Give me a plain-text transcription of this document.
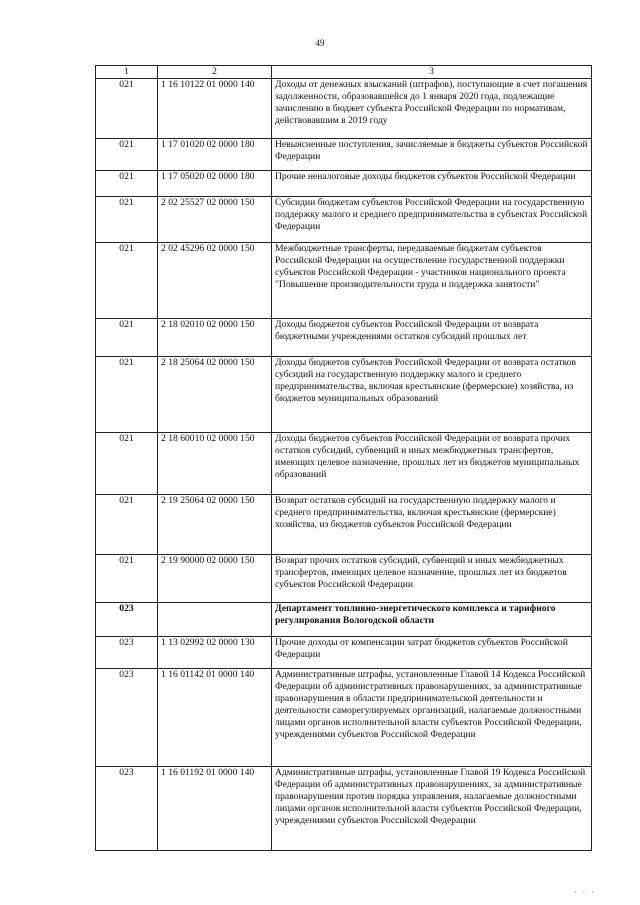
49
1	2	3
021	1 16 10122 01 0000 140	Доходы от денежных взысканий (штрафов), поступающие в счет погашения задолженности, образовавшейся до 1 января 2020 года, подлежащие зачислению в бюджет субъекта Российской Федерации по нормативам, действовавшим в 2019 году
021	1 17 01020 02 0000 180	Невыясненные поступления, зачисляемые в бюджеты субъектов Российской Федерации
021	1 17 05020 02 0000 180	Прочие неналоговые доходы бюджетов субъектов Российской Федерации
021	2 02 25527 02 0000 150	Субсидии бюджетам субъектов Российской Федерации на государственную поддержку малого и среднего предпринимательства в субъектах Российской Федерации
021	2 02 45296 02 0000 150	Межбюджетные трансферты, передаваемые бюджетам субъектов Российской Федерации на осуществление государственной поддержки субъектов Российской Федерации - участников национального проекта "Повышение производительности труда и поддержка занятости"
021	2 18 02010 02 0000 150	Доходы бюджетов субъектов Российской Федерации от возврата бюджетными учреждениями остатков субсидий прошлых лет
021	2 18 25064 02 0000 150	Доходы бюджетов субъектов Российской Федерации от возврата остатков субсидий на государственную поддержку малого и среднего предпринимательства, включая крестьянские (фермерские) хозяйства, из бюджетов муниципальных образований
021	2 18 60010 02 0000 150	Доходы бюджетов субъектов Российской Федерации от возврата прочих остатков субсидий, субвенций и иных межбюджетных трансфертов, имеющих целевое назначение, прошлых лет из бюджетов муниципальных образований
021	2 19 25064 02 0000 150	Возврат остатков субсидий на государственную поддержку малого и среднего предпринимательства, включая крестьянские (фермерские) хозяйства, из бюджетов субъектов Российской Федерации
021	2 19 90000 02 0000 150	Возврат прочих остатков субсидий, субвенций и иных межбюджетных трансфертов, имеющих целевое назначение, прошлых лет из бюджетов субъектов Российской Федерации
023		Департамент топливно-энергетического комплекса и тарифного регулирования Вологодской области
023	1 13 02992 02 0000 130	Прочие доходы от компенсации затрат бюджетов субъектов Российской Федерации
023	1 16 01142 01 0000 140	Административные штрафы, установленные Главой 14 Кодекса Российской Федерации об административных правонарушениях, за административные правонарушения в области предпринимательской деятельности и деятельности саморегулируемых организаций, налагаемые должностными лицами органов исполнительной власти субъектов Российской Федерации, учреждениями субъектов Российской Федерации
023	1 16 01192 01 0000 140	Административные штрафы, установленные Главой 19 Кодекса Российской Федерации об административных правонарушениях, за административные правонарушения против порядка управления, налагаемые должностными лицами органов исполнительной власти субъектов Российской Федерации, учреждениями субъектов Российской Федерации
· · ·
